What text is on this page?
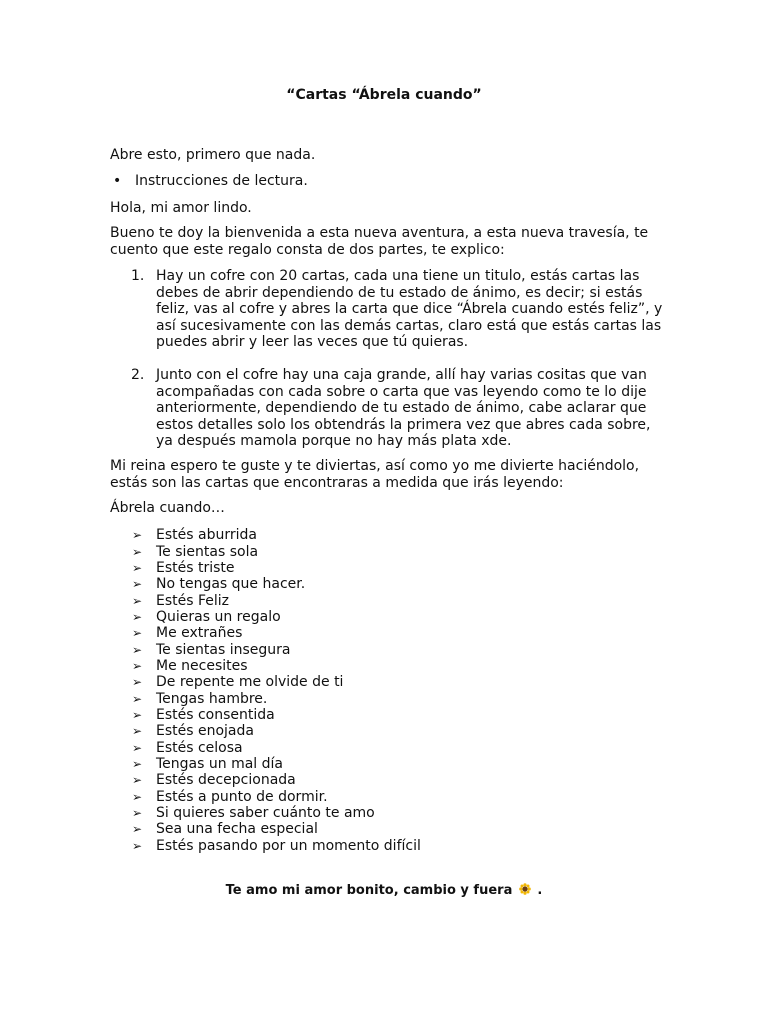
“Cartas “Ábrela cuando”

Abre esto, primero que nada.

• Instrucciones de lectura.

Hola, mi amor lindo.

Bueno te doy la bienvenida a esta nueva aventura, a esta nueva travesía, te
cuento que este regalo consta de dos partes, te explico:
1. Hay un cofre con 20 cartas, cada una tiene un titulo, estás cartas las
debes de abrir dependiendo de tu estado de ánimo, es decir; si estás
feliz, vas al cofre y abres la carta que dice “Ábrela cuando estés feliz”, y
así sucesivamente con las demás cartas, claro está que estás cartas las
puedes abrir y leer las veces que tú quieras.
2. Junto con el cofre hay una caja grande, allí hay varias cositas que van
acompañadas con cada sobre o carta que vas leyendo como te lo dije
anteriormente, dependiendo de tu estado de ánimo, cabe aclarar que
estos detalles solo los obtendrás la primera vez que abres cada sobre,
ya después mamola porque no hay más plata xde.
Mi reina espero te guste y te diviertas, así como yo me divierte haciéndolo,
estás son las cartas que encontraras a medida que irás leyendo:

Ábrela cuando…

➢ Estés aburrida
➢ Te sientas sola
➢ Estés triste
➢ No tengas que hacer.
➢ Estés Feliz
➢ Quieras un regalo
➢ Me extrañes
➢ Te sientas insegura
➢ Me necesites
➢ De repente me olvide de ti
➢ Tengas hambre.
➢ Estés consentida
➢ Estés enojada
➢ Estés celosa
➢ Tengas un mal día
➢ Estés decepcionada
➢ Estés a punto de dormir.
➢ Si quieres saber cuánto te amo
➢ Sea una fecha especial
➢ Estés pasando por un momento difícil
Te amo mi amor bonito, cambio y fuera  .
